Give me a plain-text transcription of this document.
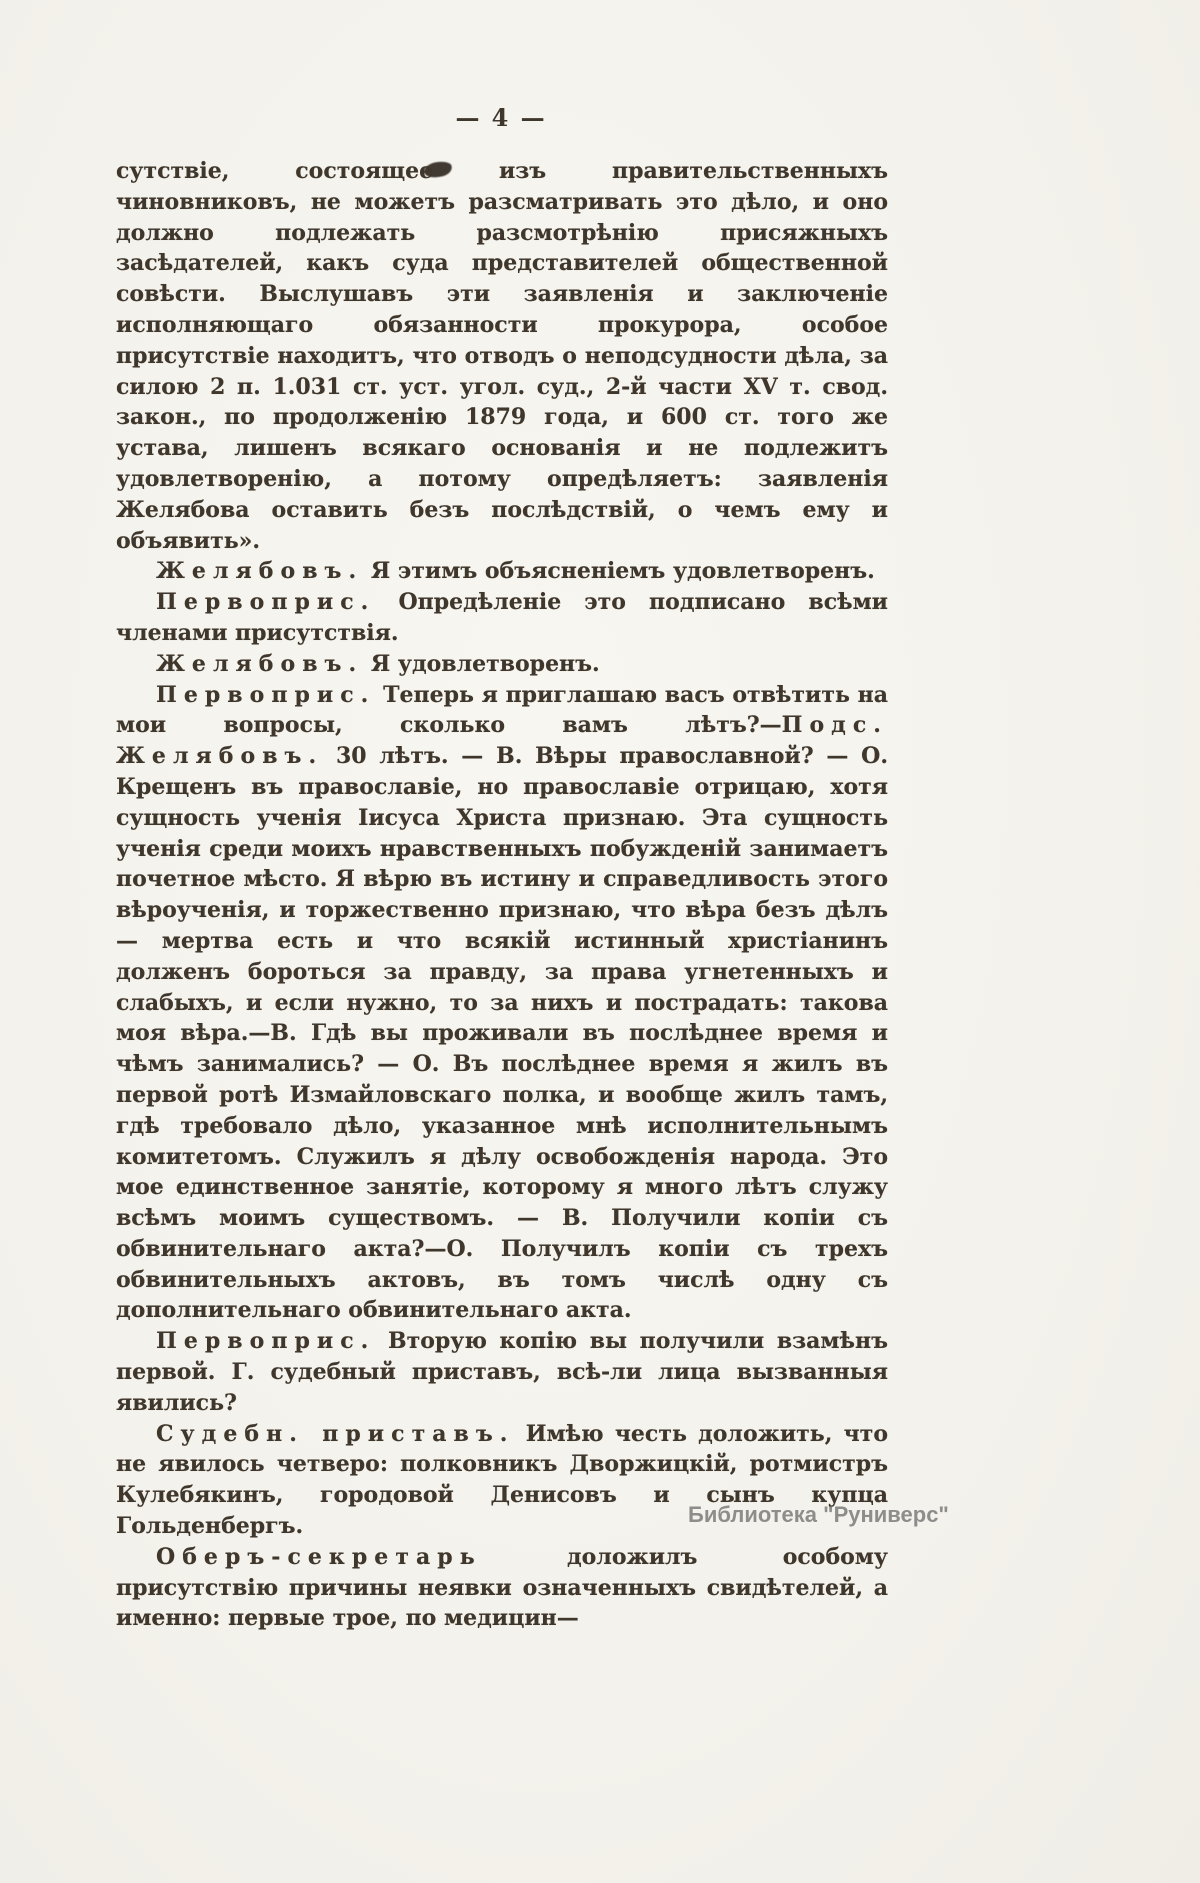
— 4 —

сутствіе, состоящее изъ правительственныхъ чиновниковъ, не можетъ разсматривать это дѣло, и оно должно подлежать разсмотрѣнію присяжныхъ засѣдателей, какъ суда представителей общественной совѣсти. Выслушавъ эти заявленія и заключеніе исполняющаго обязанности прокурора, особое присутствіе находитъ, что отводъ о неподсудности дѣла, за силою 2 п. 1.031 ст. уст. угол. суд., 2-й части XV т. свод. закон., по продолженію 1879 года, и 600 ст. того же устава, лишенъ всякаго основанія и не подлежитъ удовлетворенію, а потому опредѣляетъ: заявленія Желябова оставить безъ послѣдствій, о чемъ ему и объявить».

Желябовъ. Я этимъ объясненіемъ удовлетворенъ.

Первоприс. Опредѣленіе это подписано всѣми членами присутствія.

Желябовъ. Я удовлетворенъ.

Первоприс. Теперь я приглашаю васъ отвѣтить на мои вопросы, сколько вамъ лѣтъ?—Подс. Желябовъ. 30 лѣтъ. — В. Вѣры православной? — О. Крещенъ въ православіе, но православіе отрицаю, хотя сущность ученія Іисуса Христа признаю. Эта сущность ученія среди моихъ нравственныхъ побужденій занимаетъ почетное мѣсто. Я вѣрю въ истину и справедливость этого вѣроученія, и торжественно признаю, что вѣра безъ дѣлъ — мертва есть и что всякій истинный христіанинъ долженъ бороться за правду, за права угнетенныхъ и слабыхъ, и если нужно, то за нихъ и пострадать: такова моя вѣра.—В. Гдѣ вы проживали въ послѣднее время и чѣмъ занимались? — О. Въ послѣднее время я жилъ въ первой ротѣ Измайловскаго полка, и вообще жилъ тамъ, гдѣ требовало дѣло, указанное мнѣ исполнительнымъ комитетомъ. Служилъ я дѣлу освобожденія народа. Это мое единственное занятіе, которому я много лѣтъ служу всѣмъ моимъ существомъ. — В. Получили копіи съ обвинительнаго акта?—О. Получилъ копіи съ трехъ обвинительныхъ актовъ, въ томъ числѣ одну съ дополнительнаго обвинительнаго акта.

Первоприс. Вторую копію вы получили взамѣнъ первой. Г. судебный приставъ, всѣ-ли лица вызванныя явились?

Судебн. приставъ. Имѣю честь доложить, что не явилось четверо: полковникъ Дворжицкій, ротмистръ Кулебякинъ, городовой Денисовъ и сынъ купца Гольденбергъ.

Оберъ-секретарь доложилъ особому присутствію причины неявки означенныхъ свидѣтелей, а именно: первые трое, по медицин—

Библиотека "Руниверс"
